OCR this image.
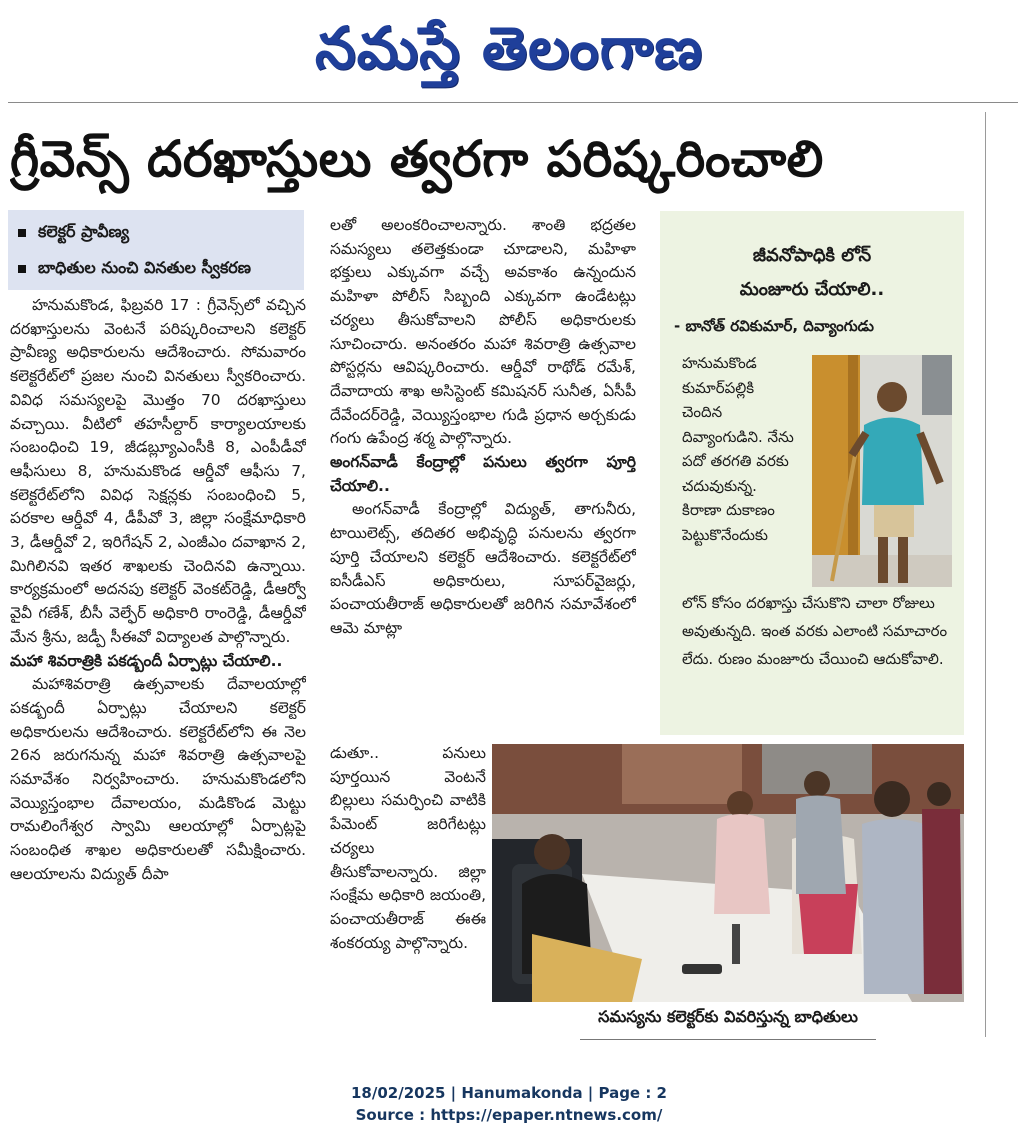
నమస్తే తెలంగాణ
గ్రీవెన్స్ దరఖాస్తులు త్వరగా పరిష్కరించాలి
కలెక్టర్ ప్రావీణ్య
బాధితుల నుంచి వినతుల స్వీకరణ

హనుమకొండ, ఫిబ్రవరి 17 : గ్రీవెన్స్‌లో వచ్చిన దరఖాస్తులను వెంటనే పరిష్కరించాలని కలెక్టర్ ప్రావీణ్య అధికారులను ఆదేశించారు. సోమవారం కలెక్టరేట్‌లో ప్రజల నుంచి వినతులు స్వీకరించారు. వివిధ సమస్యలపై మొత్తం 70 దరఖాస్తులు వచ్చాయి. వీటిలో తహసీల్దార్ కార్యాలయాలకు సంబంధించి 19, జీడబ్ల్యూఎంసీకి 8, ఎంపీడీవో ఆఫీసులు 8, హనుమకొండ ఆర్డీవో ఆఫీసు 7, కలెక్టరేట్‌లోని వివిధ సెక్షన్లకు సంబంధించి 5, పరకాల ఆర్డీవో 4, డీపీవో 3, జిల్లా సంక్షేమాధికారి 3, డీఆర్డీవో 2, ఇరిగేషన్ 2, ఎంజీఎం దవాఖాన 2, మిగిలినవి ఇతర శాఖలకు చెందినవి ఉన్నాయి. కార్యక్రమంలో అదనపు కలెక్టర్ వెంకట్‌రెడ్డి, డీఆర్వో వైవీ గణేశ్, బీసీ వెల్ఫేర్ అధికారి రాంరెడ్డి, డీఆర్డీవో మేన శ్రీను, జడ్పీ సీఈవో విద్యాలత పాల్గొన్నారు.

మహా శివరాత్రికి పకడ్బందీ ఏర్పాట్లు చేయాలి..

మహాశివరాత్రి ఉత్సవాలకు దేవాలయాల్లో పకడ్బందీ ఏర్పాట్లు చేయాలని కలెక్టర్ అధికారులను ఆదేశించారు. కలెక్టరేట్‌లోని ఈ నెల 26న జరుగనున్న మహా శివరాత్రి ఉత్సవాలపై సమావేశం నిర్వహించారు. హనుమకొండలోని వెయ్యిస్తంభాల దేవాలయం, మడికొండ మెట్టు రామలింగేశ్వర స్వామి ఆలయాల్లో ఏర్పాట్లపై సంబంధిత శాఖల అధికారులతో సమీక్షించారు. ఆలయాలను విద్యుత్ దీపా

లతో అలంకరించాలన్నారు. శాంతి భద్రతల సమస్యలు తలెత్తకుండా చూడాలని, మహిళా భక్తులు ఎక్కువగా వచ్చే అవకాశం ఉన్నందున మహిళా పోలీస్ సిబ్బంది ఎక్కువగా ఉండేటట్లు చర్యలు తీసుకోవాలని పోలీస్ అధికారులకు సూచించారు. అనంతరం మహా శివరాత్రి ఉత్సవాల పోస్టర్లను ఆవిష్కరించారు. ఆర్డీవో రాథోడ్ రమేశ్, దేవాదాయ శాఖ అసిస్టెంట్ కమిషనర్ సునీత, ఏసీపీ దేవేందర్‌రెడ్డి, వెయ్యిస్తంభాల గుడి ప్రధాన అర్చకుడు గంగు ఉపేంద్ర శర్మ పాల్గొన్నారు.

అంగన్‌వాడీ కేంద్రాల్లో పనులు త్వరగా పూర్తి చేయాలి..

అంగన్‌వాడీ కేంద్రాల్లో విద్యుత్, తాగునీరు, టాయిలెట్స్, తదితర అభివృద్ధి పనులను త్వరగా పూర్తి చేయాలని కలెక్టర్ ఆదేశించారు. కలెక్టరేట్‌లో ఐసీడీఎస్ అధికారులు, సూపర్‌వైజర్లు, పంచాయతీరాజ్ అధికారులతో జరిగిన సమావేశంలో ఆమె మాట్లా

డుతూ.. పనులు పూర్తయిన వెంటనే బిల్లులు సమర్పించి వాటికి పేమెంట్ జరిగేటట్లు చర్యలు తీసుకోవాలన్నారు. జిల్లా సంక్షేమ అధికారి జయంతి, పంచాయతీరాజ్ ఈఈ శంకరయ్య పాల్గొన్నారు.

జీవనోపాధికి లోన్
మంజూరు చేయాలి..
- బానోత్ రవికుమార్, దివ్యాంగుడు
హనుమకొండ కుమార్‌పల్లికి చెందిన దివ్యాంగుడిని. నేను పదో తరగతి వరకు చదువుకున్న. కిరాణా దుకాణం పెట్టుకొనేందుకు
లోన్ కోసం దరఖాస్తు చేసుకొని చాలా రోజులు అవుతున్నది. ఇంత వరకు ఎలాంటి సమాచారం లేదు. రుణం మంజూరు చేయించి ఆదుకోవాలి.
సమస్యను కలెక్టర్‌కు వివరిస్తున్న బాధితులు
18/02/2025 | Hanumakonda | Page : 2
Source : https://epaper.ntnews.com/
